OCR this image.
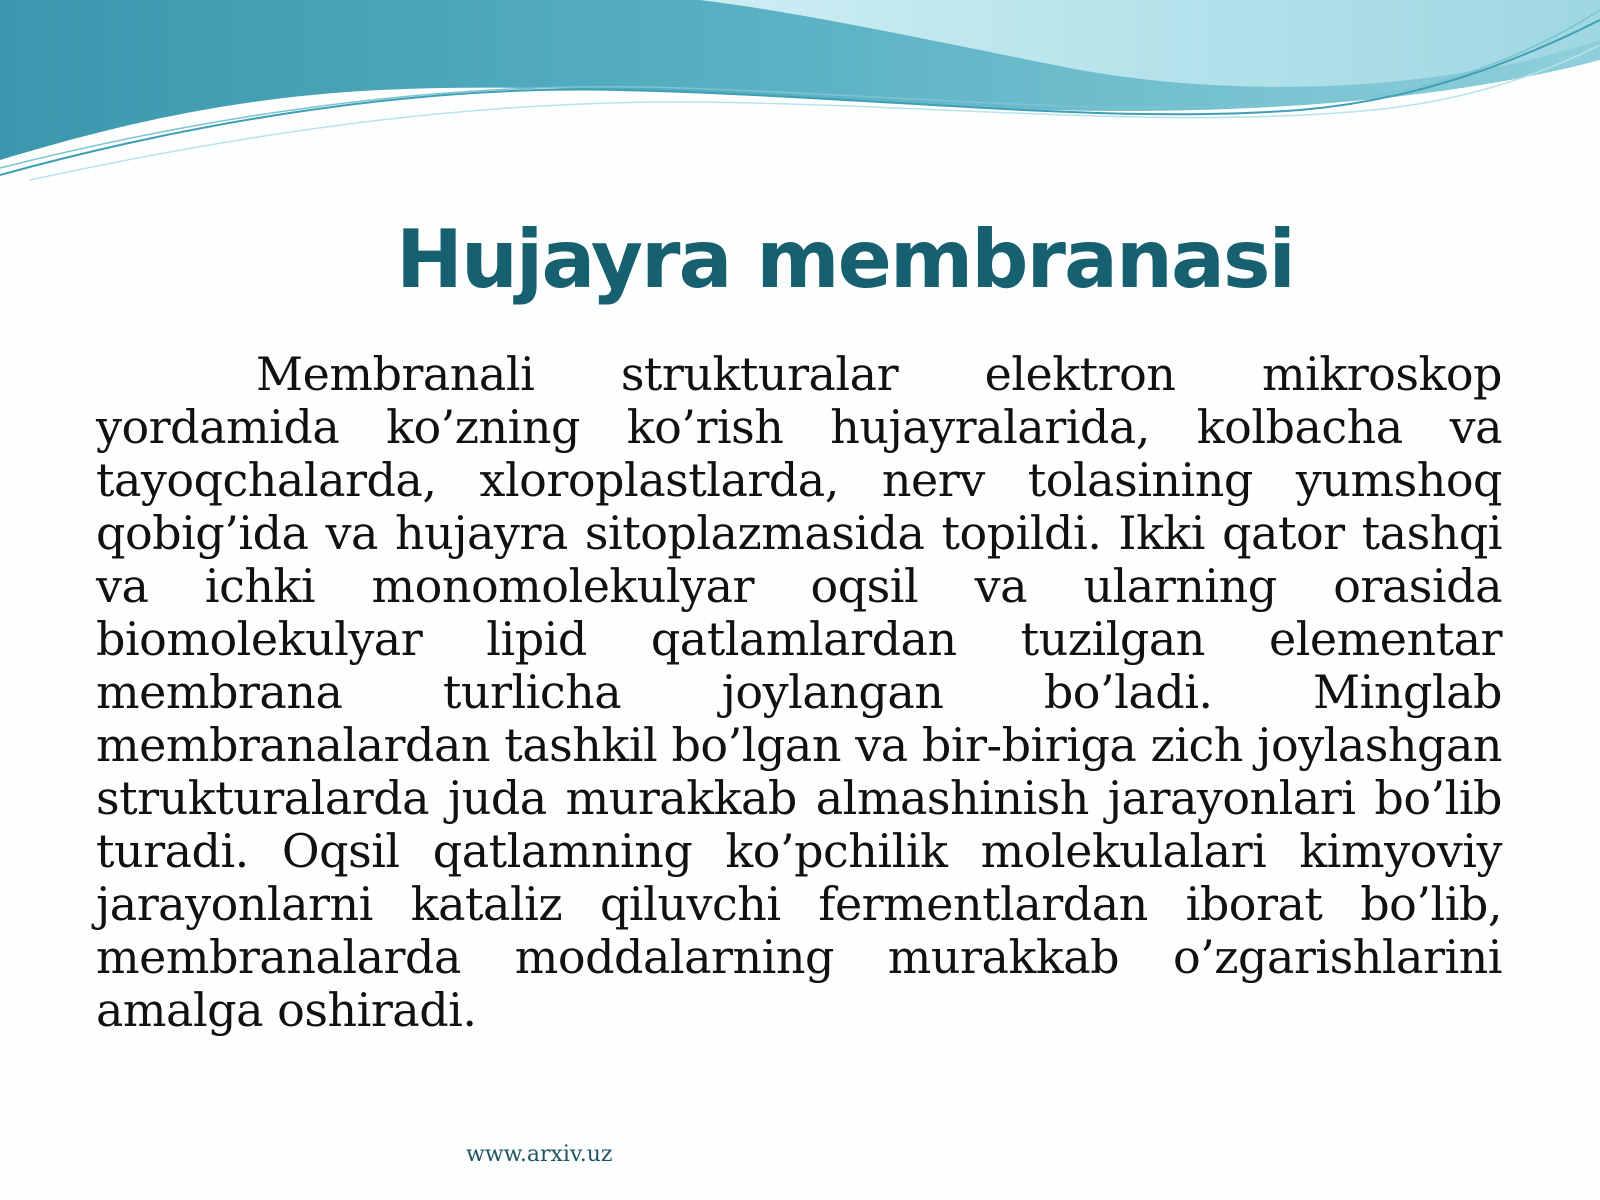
Hujayra membranasi

Membranali strukturalar elektron mikroskop yordamida ko’zning ko’rish hujayralarida, kolbacha va tayoqchalarda, xloroplastlarda, nerv tolasining yumshoq qobig’ida va hujayra sitoplazmasida topildi. Ikki qator tashqi va ichki monomolekulyar oqsil va ularning orasida biomolekulyar lipid qatlamlardan tuzilgan elementar membrana turlicha joylangan bo’ladi. Minglab membranalardan tashkil bo’lgan va bir-biriga zich joylashgan strukturalarda juda murakkab almashinish jarayonlari bo’lib turadi. Oqsil qatlamning ko’pchilik molekulalari kimyoviy jarayonlarni kataliz qiluvchi fermentlardan iborat bo’lib, membranalarda moddalarning murakkab o’zgarishlarini amalga oshiradi.

www.arxiv.uz
